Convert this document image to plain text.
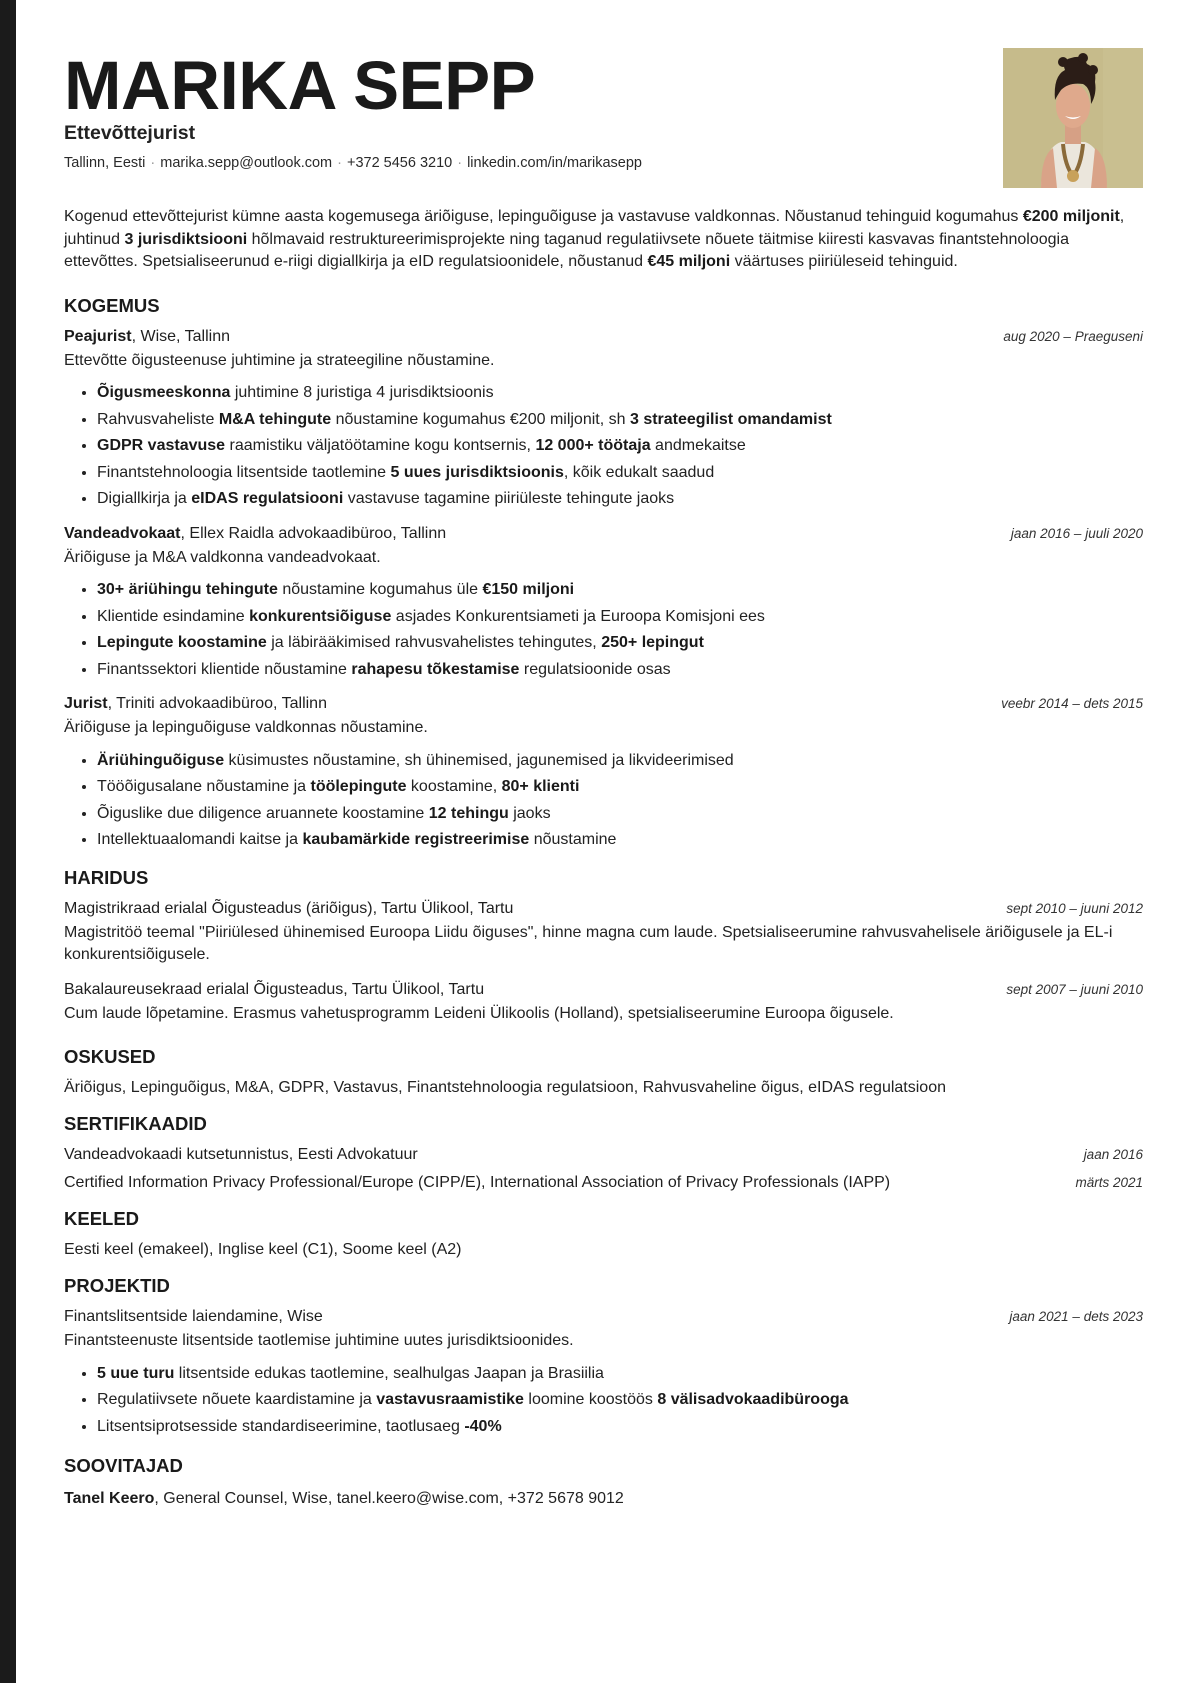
MARIKA SEPP
Ettevõttejurist
Tallinn, Eesti · marika.sepp@outlook.com · +372 5456 3210 · linkedin.com/in/marikasepp

Kogenud ettevõttejurist kümne aasta kogemusega äriõiguse, lepinguõiguse ja vastavuse valdkonnas. Nõustanud tehinguid kogumahus €200 miljonit, juhtinud 3 jurisdiktsiooni hõlmavaid restruktureerimisprojekte ning taganud regulatiivsete nõuete täitmise kiiresti kasvavas finantstehnoloogia ettevõttes. Spetsialiseerunud e-riigi digiallkirja ja eID regulatsioonidele, nõustanud €45 miljoni väärtuses piiriüleseid tehinguid.

KOGEMUS
Peajurist, Wise, Tallinn	aug 2020 – Praeguseni

Ettevõtte õigusteenuse juhtimine ja strateegiline nõustamine.

• Õigusmeeskonna juhtimine 8 juristiga 4 jurisdiktsioonis
• Rahvusvaheliste M&A tehingute nõustamine kogumahus €200 miljonit, sh 3 strateegilist omandamist
• GDPR vastavuse raamistiku väljatöötamine kogu kontsernis, 12 000+ töötaja andmekaitse
• Finantstehnoloogia litsentside taotlemine 5 uues jurisdiktsioonis, kõik edukalt saadud
• Digiallkirja ja eIDAS regulatsiooni vastavuse tagamine piiriüleste tehingute jaoks
Vandeadvokaat, Ellex Raidla advokaadibüroo, Tallinn	jaan 2016 – juuli 2020

Äriõiguse ja M&A valdkonna vandeadvokaat.

• 30+ äriühingu tehingute nõustamine kogumahus üle €150 miljoni
• Klientide esindamine konkurentsiõiguse asjades Konkurentsiameti ja Euroopa Komisjoni ees
• Lepingute koostamine ja läbirääkimised rahvusvahelistes tehingutes, 250+ lepingut
• Finantssektori klientide nõustamine rahapesu tõkestamise regulatsioonide osas
Jurist, Triniti advokaadibüroo, Tallinn	veebr 2014 – dets 2015

Äriõiguse ja lepinguõiguse valdkonnas nõustamine.

• Äriühinguõiguse küsimustes nõustamine, sh ühinemised, jagunemised ja likvideerimised
• Tööõigusalane nõustamine ja töölepingute koostamine, 80+ klienti
• Õiguslike due diligence aruannete koostamine 12 tehingu jaoks
• Intellektuaalomandi kaitse ja kaubamärkide registreerimise nõustamine
HARIDUS
Magistrikraad erialal Õigusteadus (äriõigus), Tartu Ülikool, Tartu	sept 2010 – juuni 2012

Magistritöö teemal "Piiriülesed ühinemised Euroopa Liidu õiguses", hinne magna cum laude. Spetsialiseerumine rahvusvahelisele äriõigusele ja EL-i konkurentsiõigusele.

Bakalaureusekraad erialal Õigusteadus, Tartu Ülikool, Tartu	sept 2007 – juuni 2010

Cum laude lõpetamine. Erasmus vahetusprogramm Leideni Ülikoolis (Holland), spetsialiseerumine Euroopa õigusele.

OSKUSED
Äriõigus, Lepinguõigus, M&A, GDPR, Vastavus, Finantstehnoloogia regulatsioon, Rahvusvaheline õigus, eIDAS regulatsioon
SERTIFIKAADID
Vandeadvokaadi kutsetunnistus, Eesti Advokatuur	jaan 2016
Certified Information Privacy Professional/Europe (CIPP/E), International Association of Privacy Professionals (IAPP)	märts 2021
KEELED
Eesti keel (emakeel), Inglise keel (C1), Soome keel (A2)
PROJEKTID
Finantslitsentside laiendamine, Wise	jaan 2021 – dets 2023

Finantsteenuste litsentside taotlemise juhtimine uutes jurisdiktsioonides.

• 5 uue turu litsentside edukas taotlemine, sealhulgas Jaapan ja Brasiilia
• Regulatiivsete nõuete kaardistamine ja vastavusraamistike loomine koostöös 8 välisadvokaadibürooga
• Litsentsiprotsesside standardiseerimine, taotlusaeg -40%
SOOVITAJAD
Tanel Keero, General Counsel, Wise, tanel.keero@wise.com, +372 5678 9012
